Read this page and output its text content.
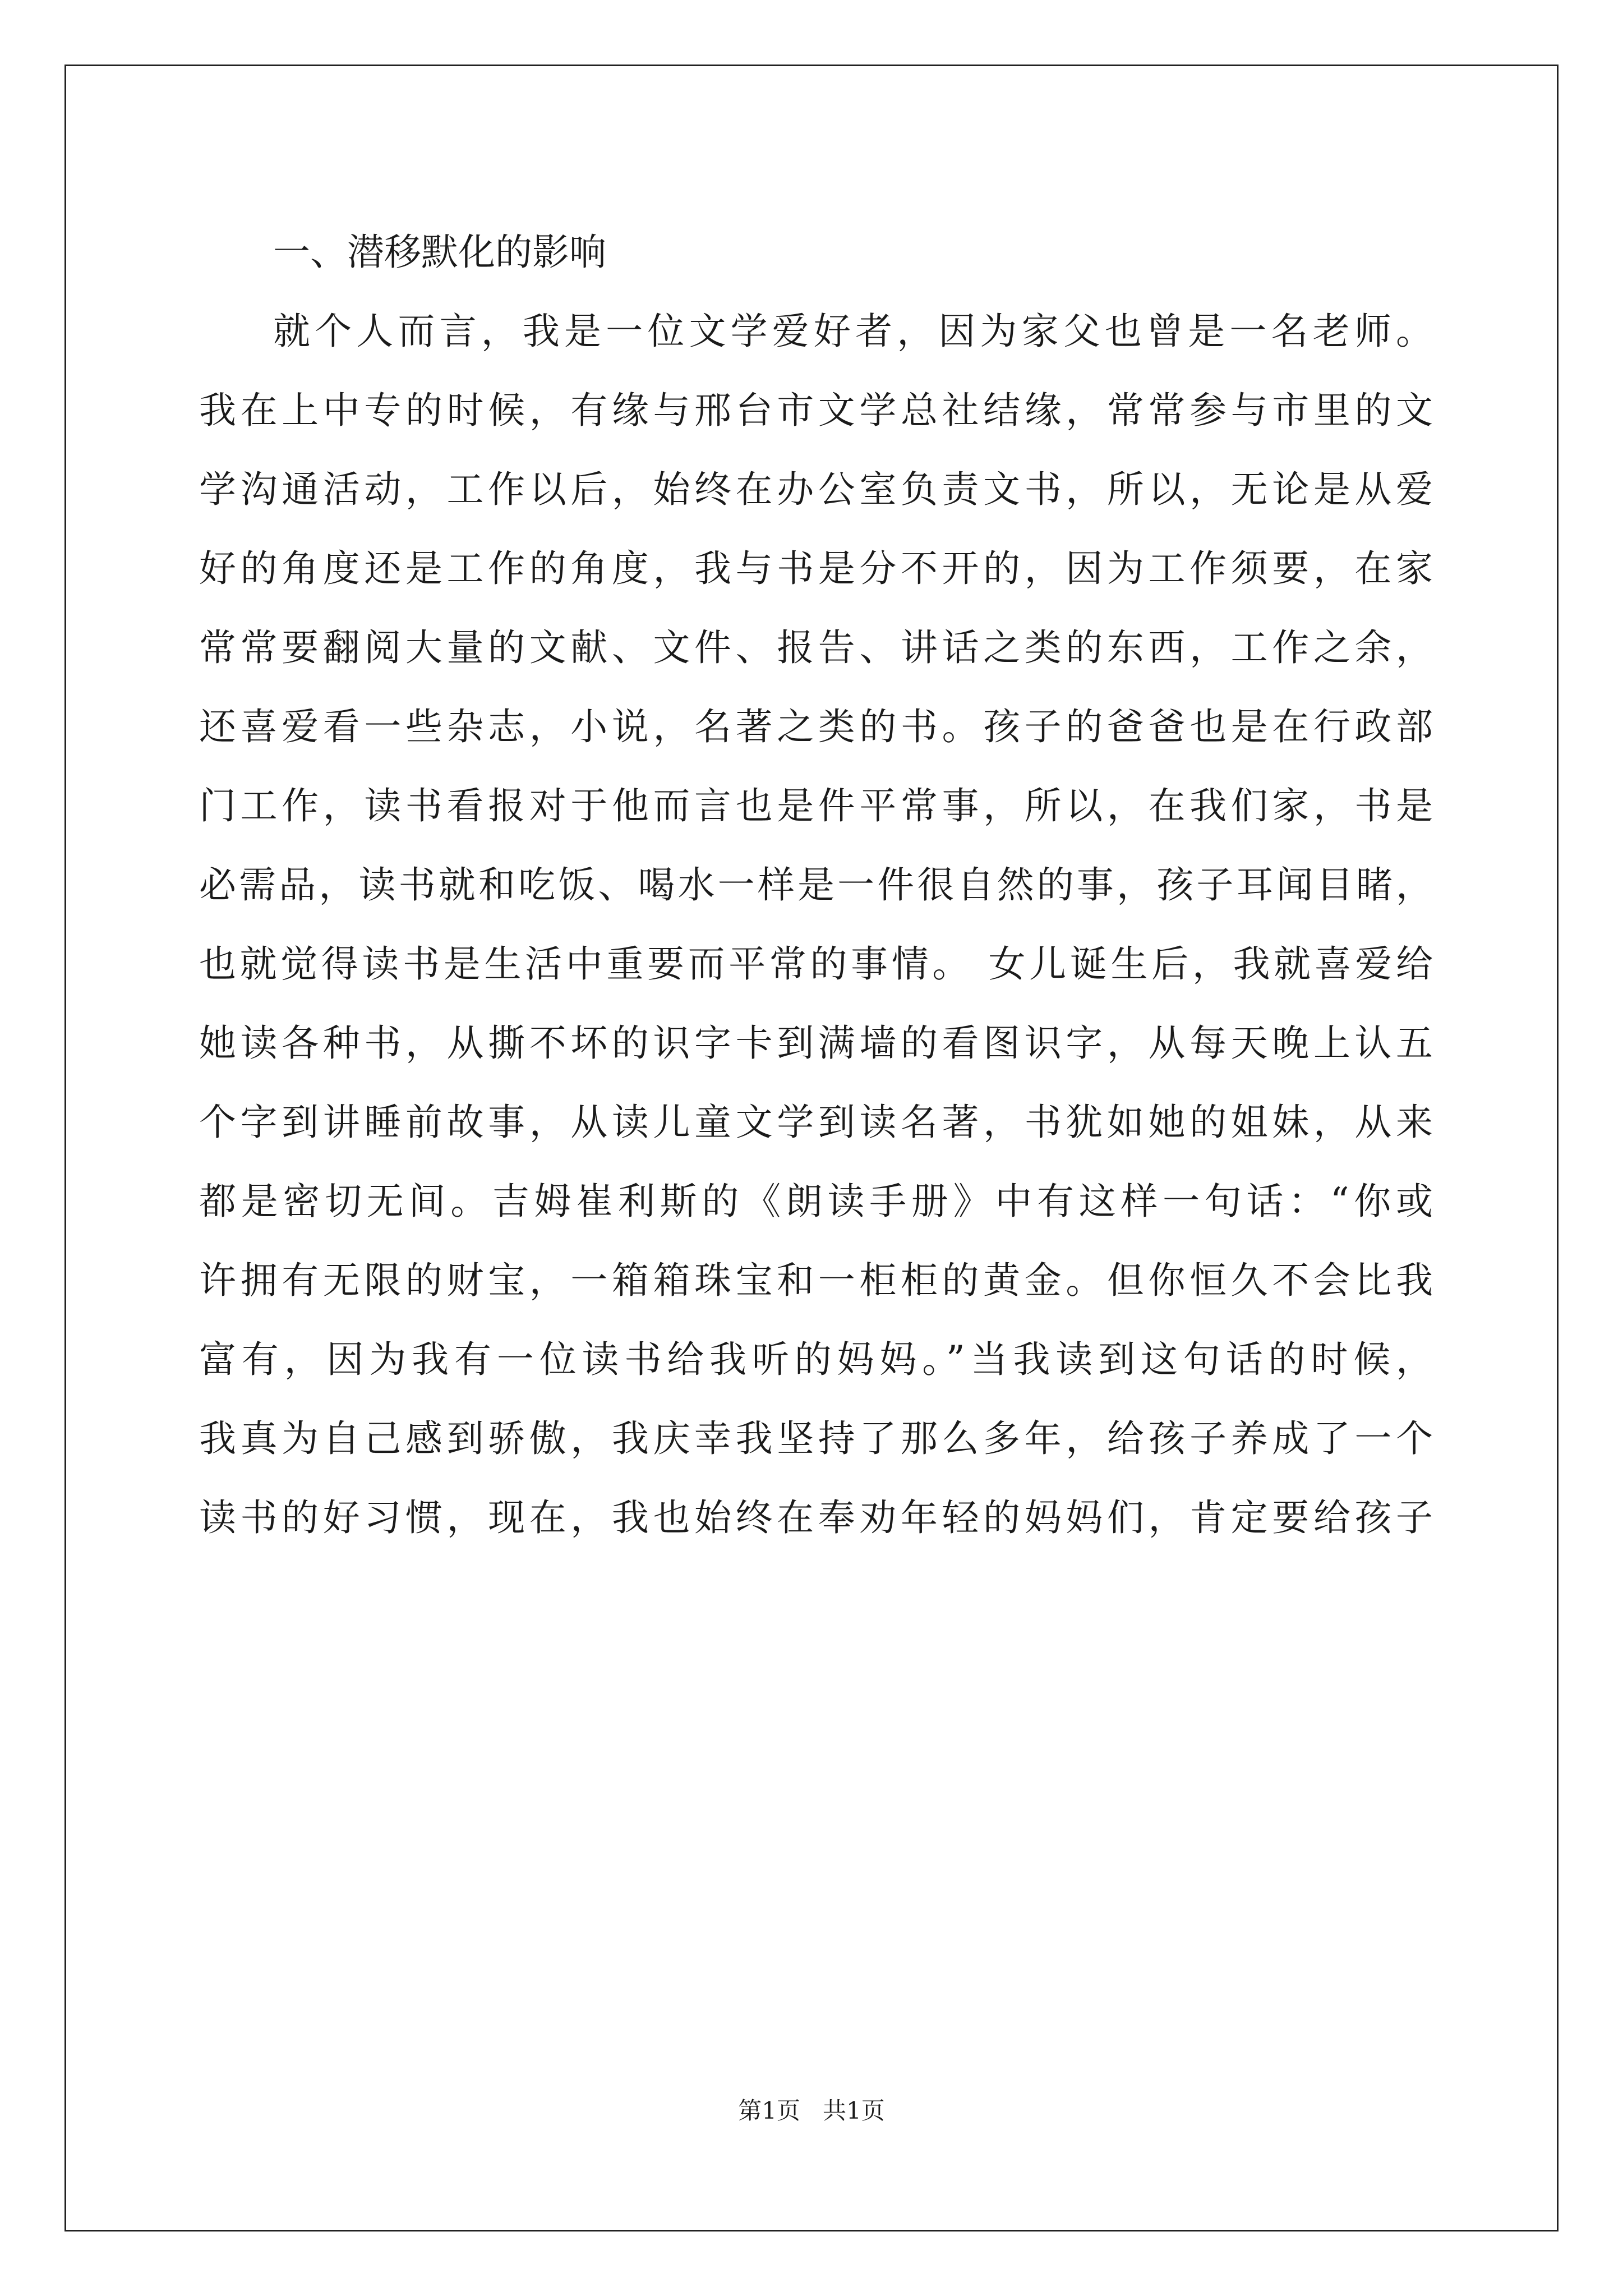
一、潜移默化的影响
就个人而言，我是一位文学爱好者，因为家父也曾是一名老师。
我在上中专的时候，有缘与邢台市文学总社结缘，常常参与市里的文
学沟通活动，工作以后，始终在办公室负责文书，所以，无论是从爱
好的角度还是工作的角度，我与书是分不开的，因为工作须要，在家
常常要翻阅大量的文献、文件、报告、讲话之类的东西，工作之余，
还喜爱看一些杂志，小说，名著之类的书。孩子的爸爸也是在行政部
门工作，读书看报对于他而言也是件平常事，所以，在我们家，书是
必需品，读书就和吃饭、喝水一样是一件很自然的事，孩子耳闻目睹，
也就觉得读书是生活中重要而平常的事情。 女儿诞生后，我就喜爱给
她读各种书，从撕不坏的识字卡到满墙的看图识字，从每天晚上认五
个字到讲睡前故事，从读儿童文学到读名著，书犹如她的姐妹，从来
都是密切无间。吉姆崔利斯的《朗读手册》中有这样一句话：“你或
许拥有无限的财宝，一箱箱珠宝和一柜柜的黄金。但你恒久不会比我
富有，因为我有一位读书给我听的妈妈。”当我读到这句话的时候，
我真为自己感到骄傲，我庆幸我坚持了那么多年，给孩子养成了一个
读书的好习惯，现在，我也始终在奉劝年轻的妈妈们，肯定要给孩子
第1页 共1页
